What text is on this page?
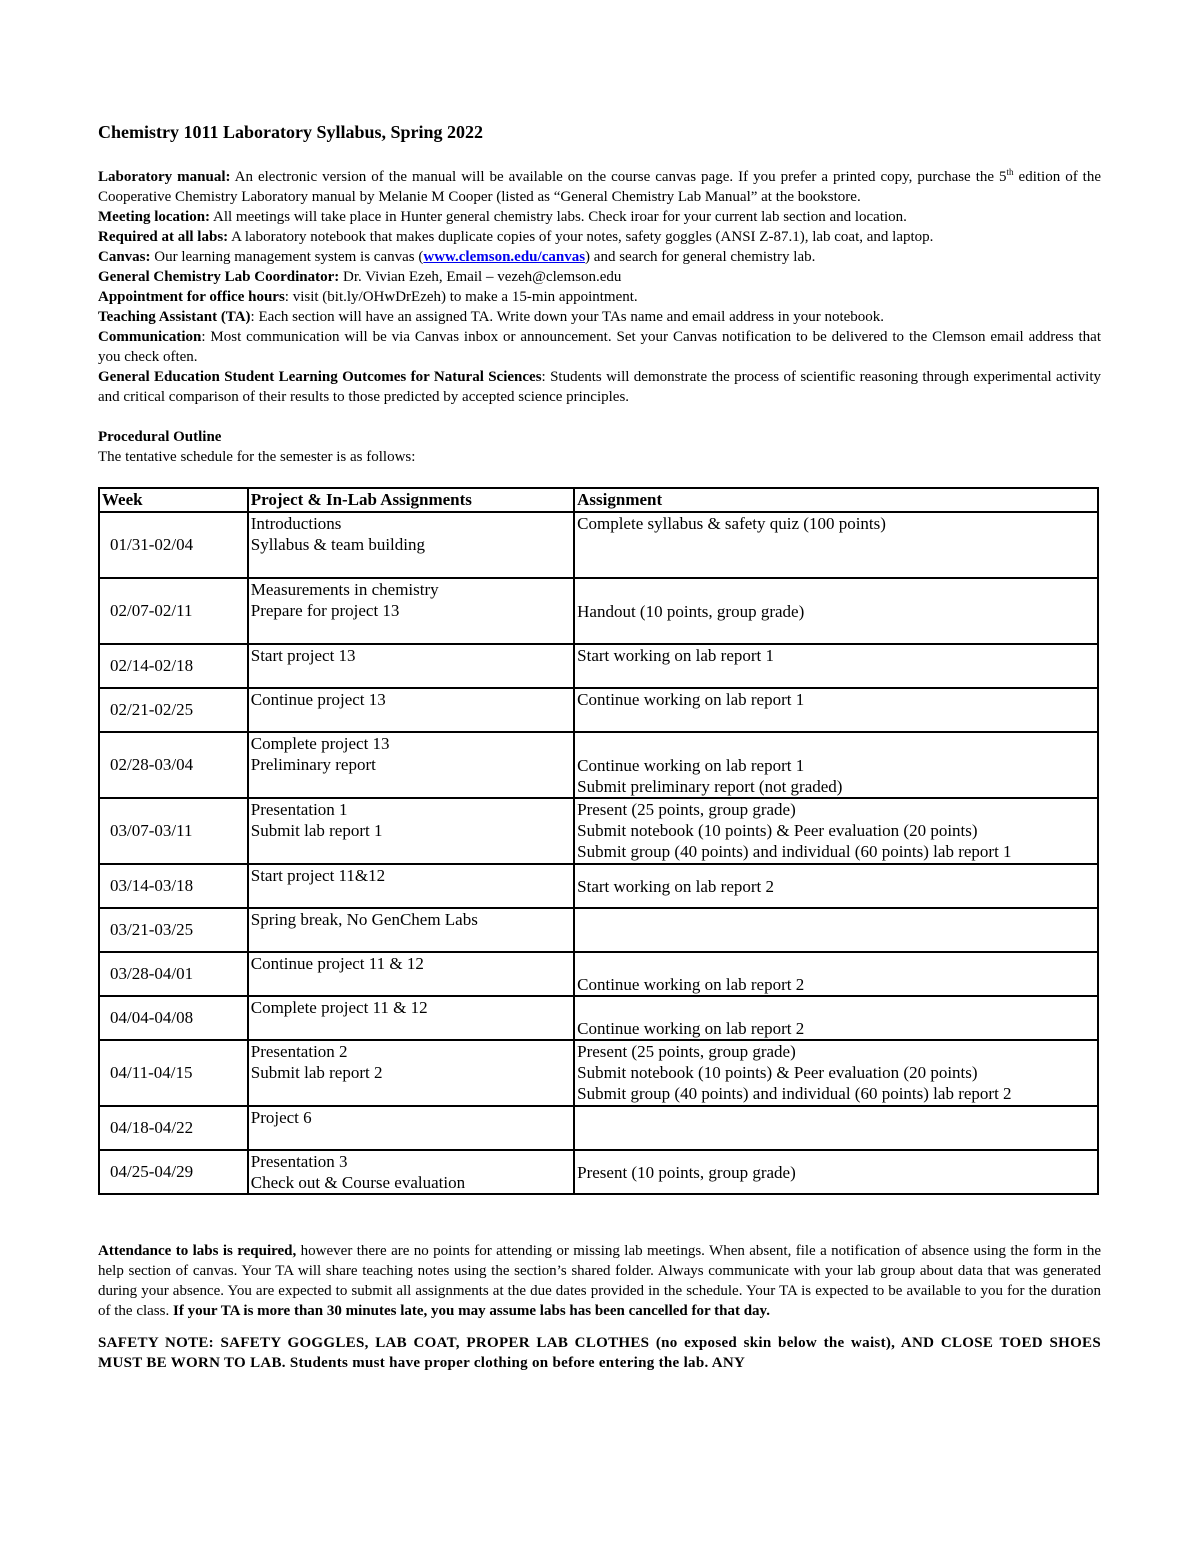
Chemistry 1011 Laboratory Syllabus, Spring 2022

Laboratory manual: An electronic version of the manual will be available on the course canvas page. If you prefer a printed copy, purchase the 5th edition of the Cooperative Chemistry Laboratory manual by Melanie M Cooper (listed as “General Chemistry Lab Manual” at the bookstore.

Meeting location: All meetings will take place in Hunter general chemistry labs. Check iroar for your current lab section and location.

Required at all labs: A laboratory notebook that makes duplicate copies of your notes, safety goggles (ANSI Z-87.1), lab coat, and laptop.

Canvas: Our learning management system is canvas (www.clemson.edu/canvas) and search for general chemistry lab.

General Chemistry Lab Coordinator: Dr. Vivian Ezeh, Email – vezeh@clemson.edu

Appointment for office hours: visit (bit.ly/OHwDrEzeh) to make a 15-min appointment.

Teaching Assistant (TA): Each section will have an assigned TA. Write down your TAs name and email address in your notebook.

Communication: Most communication will be via Canvas inbox or announcement. Set your Canvas notification to be delivered to the Clemson email address that you check often.

General Education Student Learning Outcomes for Natural Sciences: Students will demonstrate the process of scientific reasoning through experimental activity and critical comparison of their results to those predicted by accepted science principles.

Procedural Outline

The tentative schedule for the semester is as follows:

Week	Project & In-Lab Assignments	Assignment
01/31-02/04	Introductions
Syllabus & team building	Complete syllabus & safety quiz (100 points)

02/07-02/11	Measurements in chemistry
Prepare for project 13	Handout (10 points, group grade)

02/14-02/18	Start project 13	Start working on lab report 1

02/21-02/25	Continue project 13	Continue working on lab report 1

02/28-03/04	Complete project 13
Preliminary report	Continue working on lab report 1
Submit preliminary report (not graded)

03/07-03/11	Presentation 1
Submit lab report 1	Present (25 points, group grade)
Submit notebook (10 points) & Peer evaluation (20 points)
Submit group (40 points) and individual (60 points) lab report 1

03/14-03/18	Start project 11&12	Start working on lab report 2

03/21-03/25	Spring break, No GenChem Labs	

03/28-04/01	Continue project 11 & 12	Continue working on lab report 2

04/04-04/08	Complete project 11 & 12	Continue working on lab report 2

04/11-04/15	Presentation 2
Submit lab report 2	Present (25 points, group grade)
Submit notebook (10 points) & Peer evaluation (20 points)
Submit group (40 points) and individual (60 points) lab report 2

04/18-04/22	Project 6	

04/25-04/29	Presentation 3
Check out & Course evaluation	Present (10 points, group grade)

Attendance to labs is required, however there are no points for attending or missing lab meetings. When absent, file a notification of absence using the form in the help section of canvas. Your TA will share teaching notes using the section’s shared folder. Always communicate with your lab group about data that was generated during your absence. You are expected to submit all assignments at the due dates provided in the schedule. Your TA is expected to be available to you for the duration of the class. If your TA is more than 30 minutes late, you may assume labs has been cancelled for that day.

SAFETY NOTE: SAFETY GOGGLES, LAB COAT, PROPER LAB CLOTHES (no exposed skin below the waist), AND CLOSE TOED SHOES MUST BE WORN TO LAB. Students must have proper clothing on before entering the lab. ANY
